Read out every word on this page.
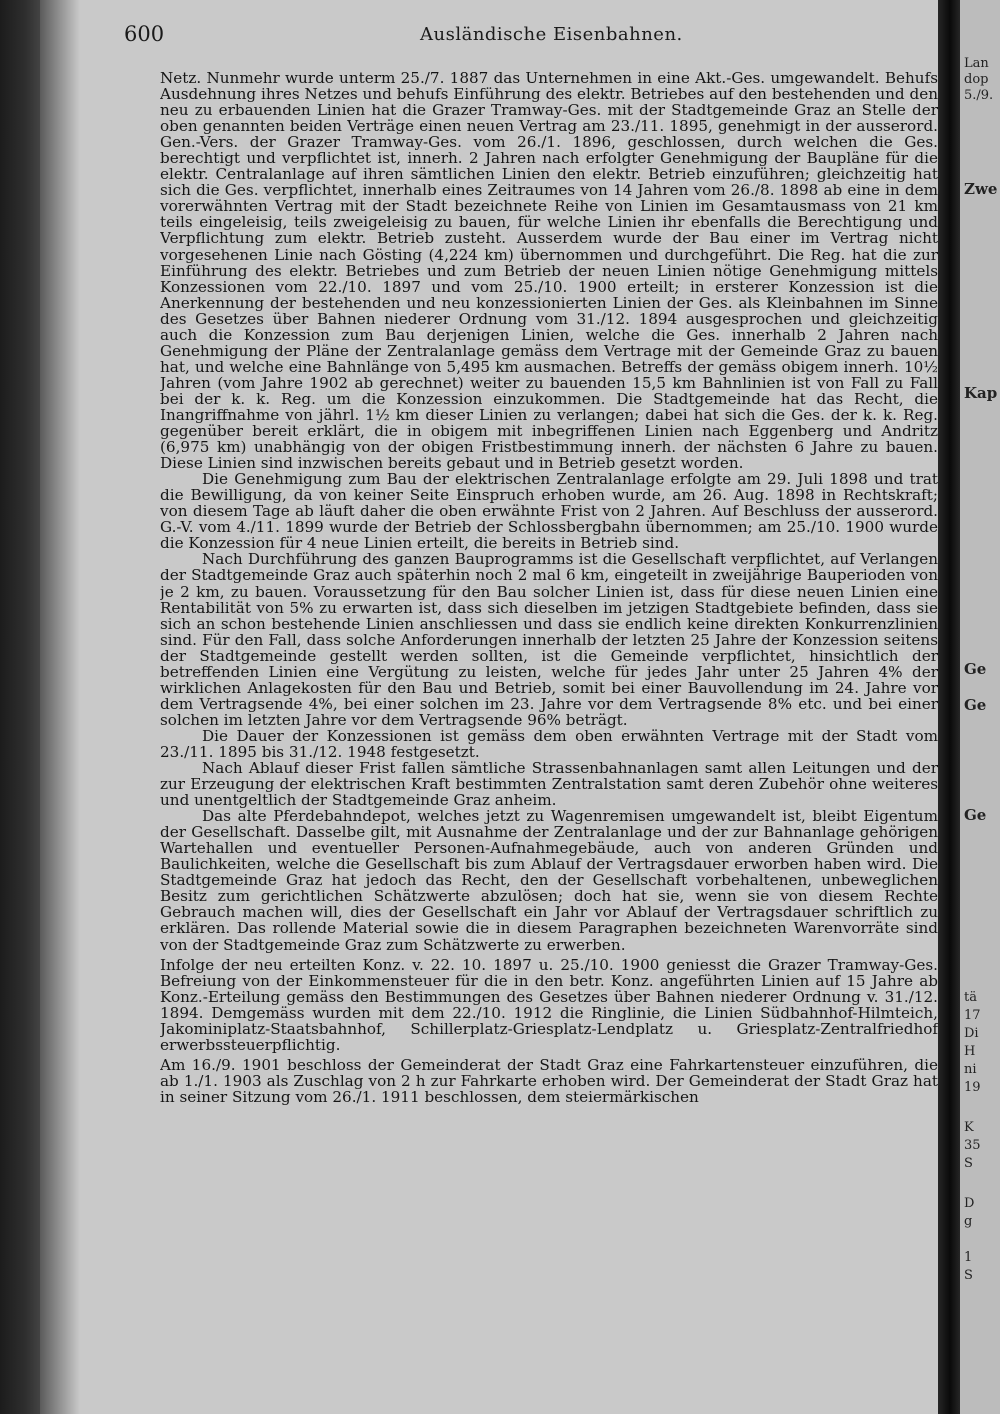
600	Ausländische Eisenbahnen.

Netz. Nunmehr wurde unterm 25./7. 1887 das Unternehmen in eine Akt.-Ges. umgewandelt. Behufs Ausdehnung ihres Netzes und behufs Einführung des elektr. Betriebes auf den bestehenden und den neu zu erbauenden Linien hat die Grazer Tramway-Ges. mit der Stadtgemeinde Graz an Stelle der oben genannten beiden Verträge einen neuen Vertrag am 23./11. 1895, genehmigt in der ausserord. Gen.-Vers. der Grazer Tramway-Ges. vom 26./1. 1896, geschlossen, durch welchen die Ges. berechtigt und verpflichtet ist, innerh. 2 Jahren nach erfolgter Genehmigung der Baupläne für die elektr. Centralanlage auf ihren sämtlichen Linien den elektr. Betrieb einzuführen; gleichzeitig hat sich die Ges. verpflichtet, innerhalb eines Zeitraumes von 14 Jahren vom 26./8. 1898 ab eine in dem vorerwähnten Vertrag mit der Stadt bezeichnete Reihe von Linien im Gesamtausmass von 21 km teils eingeleisig, teils zweigeleisig zu bauen, für welche Linien ihr ebenfalls die Berechtigung und Verpflichtung zum elektr. Betrieb zusteht. Ausserdem wurde der Bau einer im Vertrag nicht vorgesehenen Linie nach Gösting (4,224 km) übernommen und durchgeführt. Die Reg. hat die zur Einführung des elektr. Betriebes und zum Betrieb der neuen Linien nötige Genehmigung mittels Konzessionen vom 22./10. 1897 und vom 25./10. 1900 erteilt; in ersterer Konzession ist die Anerkennung der bestehenden und neu konzessionierten Linien der Ges. als Kleinbahnen im Sinne des Gesetzes über Bahnen niederer Ordnung vom 31./12. 1894 ausgesprochen und gleichzeitig auch die Konzession zum Bau derjenigen Linien, welche die Ges. innerhalb 2 Jahren nach Genehmigung der Pläne der Zentralanlage gemäss dem Vertrage mit der Gemeinde Graz zu bauen hat, und welche eine Bahnlänge von 5,495 km ausmachen. Betreffs der gemäss obigem innerh. 10½ Jahren (vom Jahre 1902 ab gerechnet) weiter zu bauenden 15,5 km Bahnlinien ist von Fall zu Fall bei der k. k. Reg. um die Konzession einzukommen. Die Stadtgemeinde hat das Recht, die Inangriffnahme von jährl. 1½ km dieser Linien zu verlangen; dabei hat sich die Ges. der k. k. Reg. gegenüber bereit erklärt, die in obigem mit inbegriffenen Linien nach Eggenberg und Andritz (6,975 km) unabhängig von der obigen Fristbestimmung innerh. der nächsten 6 Jahre zu bauen. Diese Linien sind inzwischen bereits gebaut und in Betrieb gesetzt worden.

Die Genehmigung zum Bau der elektrischen Zentralanlage erfolgte am 29. Juli 1898 und trat die Bewilligung, da von keiner Seite Einspruch erhoben wurde, am 26. Aug. 1898 in Rechtskraft; von diesem Tage ab läuft daher die oben erwähnte Frist von 2 Jahren. Auf Beschluss der ausserord. G.-V. vom 4./11. 1899 wurde der Betrieb der Schlossbergbahn übernommen; am 25./10. 1900 wurde die Konzession für 4 neue Linien erteilt, die bereits in Betrieb sind.

Nach Durchführung des ganzen Bauprogramms ist die Gesellschaft verpflichtet, auf Verlangen der Stadtgemeinde Graz auch späterhin noch 2 mal 6 km, eingeteilt in zweijährige Bauperioden von je 2 km, zu bauen. Voraussetzung für den Bau solcher Linien ist, dass für diese neuen Linien eine Rentabilität von 5% zu erwarten ist, dass sich dieselben im jetzigen Stadtgebiete befinden, dass sie sich an schon bestehende Linien anschliessen und dass sie endlich keine direkten Konkurrenzlinien sind. Für den Fall, dass solche Anforderungen innerhalb der letzten 25 Jahre der Konzession seitens der Stadtgemeinde gestellt werden sollten, ist die Gemeinde verpflichtet, hinsichtlich der betreffenden Linien eine Vergütung zu leisten, welche für jedes Jahr unter 25 Jahren 4% der wirklichen Anlagekosten für den Bau und Betrieb, somit bei einer Bauvollendung im 24. Jahre vor dem Vertragsende 4%, bei einer solchen im 23. Jahre vor dem Vertragsende 8% etc. und bei einer solchen im letzten Jahre vor dem Vertragsende 96% beträgt.

Die Dauer der Konzessionen ist gemäss dem oben erwähnten Vertrage mit der Stadt vom 23./11. 1895 bis 31./12. 1948 festgesetzt.

Nach Ablauf dieser Frist fallen sämtliche Strassenbahnanlagen samt allen Leitungen und der zur Erzeugung der elektrischen Kraft bestimmten Zentralstation samt deren Zubehör ohne weiteres und unentgeltlich der Stadtgemeinde Graz anheim.

Das alte Pferdebahndepot, welches jetzt zu Wagenremisen umgewandelt ist, bleibt Eigentum der Gesellschaft. Dasselbe gilt, mit Ausnahme der Zentralanlage und der zur Bahnanlage gehörigen Wartehallen und eventueller Personen-Aufnahmegebäude, auch von anderen Gründen und Baulichkeiten, welche die Gesellschaft bis zum Ablauf der Vertragsdauer erworben haben wird. Die Stadtgemeinde Graz hat jedoch das Recht, den der Gesellschaft vorbehaltenen, unbeweglichen Besitz zum gerichtlichen Schätzwerte abzulösen; doch hat sie, wenn sie von diesem Rechte Gebrauch machen will, dies der Gesellschaft ein Jahr vor Ablauf der Vertragsdauer schriftlich zu erklären. Das rollende Material sowie die in diesem Paragraphen bezeichneten Warenvorräte sind von der Stadtgemeinde Graz zum Schätzwerte zu erwerben.

Infolge der neu erteilten Konz. v. 22. 10. 1897 u. 25./10. 1900 geniesst die Grazer Tramway-Ges. Befreiung von der Einkommensteuer für die in den betr. Konz. angeführten Linien auf 15 Jahre ab Konz.-Erteilung gemäss den Bestimmungen des Gesetzes über Bahnen niederer Ordnung v. 31./12. 1894. Demgemäss wurden mit dem 22./10. 1912 die Ringlinie, die Linien Südbahnhof-Hilmteich, Jakominiplatz-Staatsbahnhof, Schillerplatz-Griesplatz-Lendplatz u. Griesplatz-Zentralfriedhof erwerbssteuerpflichtig.

Am 16./9. 1901 beschloss der Gemeinderat der Stadt Graz eine Fahrkartensteuer einzuführen, die ab 1./1. 1903 als Zuschlag von 2 h zur Fahrkarte erhoben wird. Der Gemeinderat der Stadt Graz hat in seiner Sitzung vom 26./1. 1911 beschlossen, dem steiermärkischen

Lan
dop
5./9.
Zwe
Kap
Ge
Ge
Ge
tä
17
Di
H
ni
19
K
35
S
D
g
1
S
